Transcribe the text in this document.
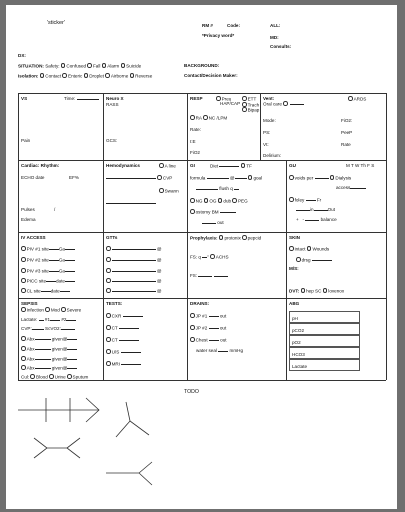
'sticker'	RM #	Code:	ALL:
*Privacy word*	MD:
Consults:
DX:
SITUATION: Safety: Confused Fall Alarm Suicide	BACKGROUND:
Isolation: Contact Enteric Droplet Airborne Reverse	Contact/Decision Maker:
VS	Time:
Pain
Neuro X
RASS
GCS:
RESP	Preu
HAP/CAP
ETT
Trach
Bipap
RA NC /LPM
Rate:
I:E
FiO2
Vent:	ARDS
Oral care
Mode:	FiO2:
PS:	PeeP
Vt:	Rate
Delirium:
Cardiac: Rhythm:
ECHO date	EF%
Pulses	/
Edema
Hemodynamics	A line
CVP
Swann
GI	Diet	TF
formula	@	goal
flush q
NG OG dub PEG
ostomy BM
out
GU	M T W Th F S
voids per	Dialysis
access
foley	Fr
in	Out
+ -	balance
IV ACCESS
PIV #1 site Ga
PIV #2 site Ga
PIV #3 site Ga
PICC site date
CL site date
GTTs
@
@
@
@
@
Prophylaxis: protonix pepcid
FS: q " ACHS
FS:
SKIN
intact Wounds
drsg
M/S:
DVT: hep SC lovenox
SEPSIS
Infection Mod Severe
Lactate: #1 #2
CVP:	ScVO2:
Abx	given@
Abx	given@
Abx	given@
Abx	given@
Cul: Blood Urine Sputum
TESTS:
CXR
CT
CT
U/S
MRI
DRAINS:
JP #1	out
JP #2	out
Chest	out
water seal	mmHg
ABG
pH
pCO2
pO2
HCO3
Lactate
TODO
